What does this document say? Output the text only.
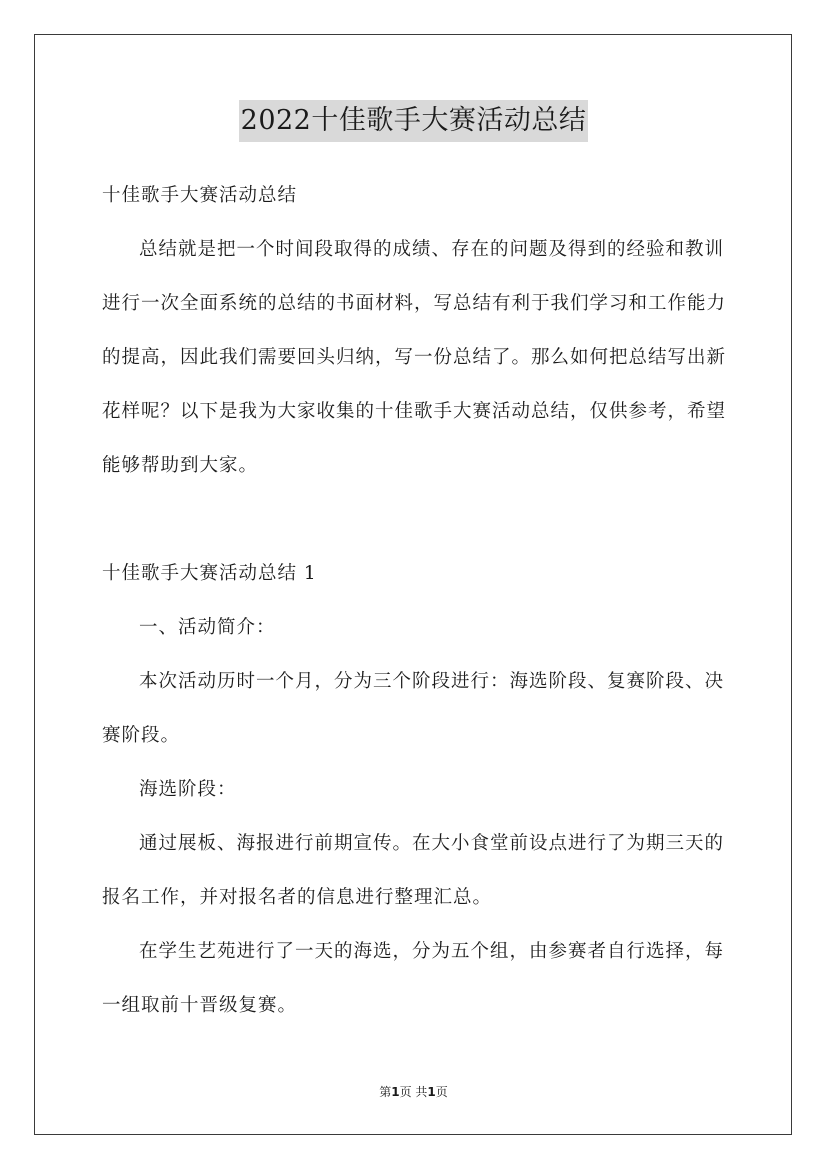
2022十佳歌手大赛活动总结

十佳歌手大赛活动总结

总结就是把一个时间段取得的成绩、存在的问题及得到的经验和教训进行一次全面系统的总结的书面材料，写总结有利于我们学习和工作能力的提高，因此我们需要回头归纳，写一份总结了。那么如何把总结写出新花样呢？以下是我为大家收集的十佳歌手大赛活动总结，仅供参考，希望能够帮助到大家。

十佳歌手大赛活动总结 1

一、活动简介：

本次活动历时一个月，分为三个阶段进行：海选阶段、复赛阶段、决赛阶段。

海选阶段：

通过展板、海报进行前期宣传。在大小食堂前设点进行了为期三天的报名工作，并对报名者的信息进行整理汇总。

在学生艺苑进行了一天的海选，分为五个组，由参赛者自行选择，每一组取前十晋级复赛。

第1页 共1页
